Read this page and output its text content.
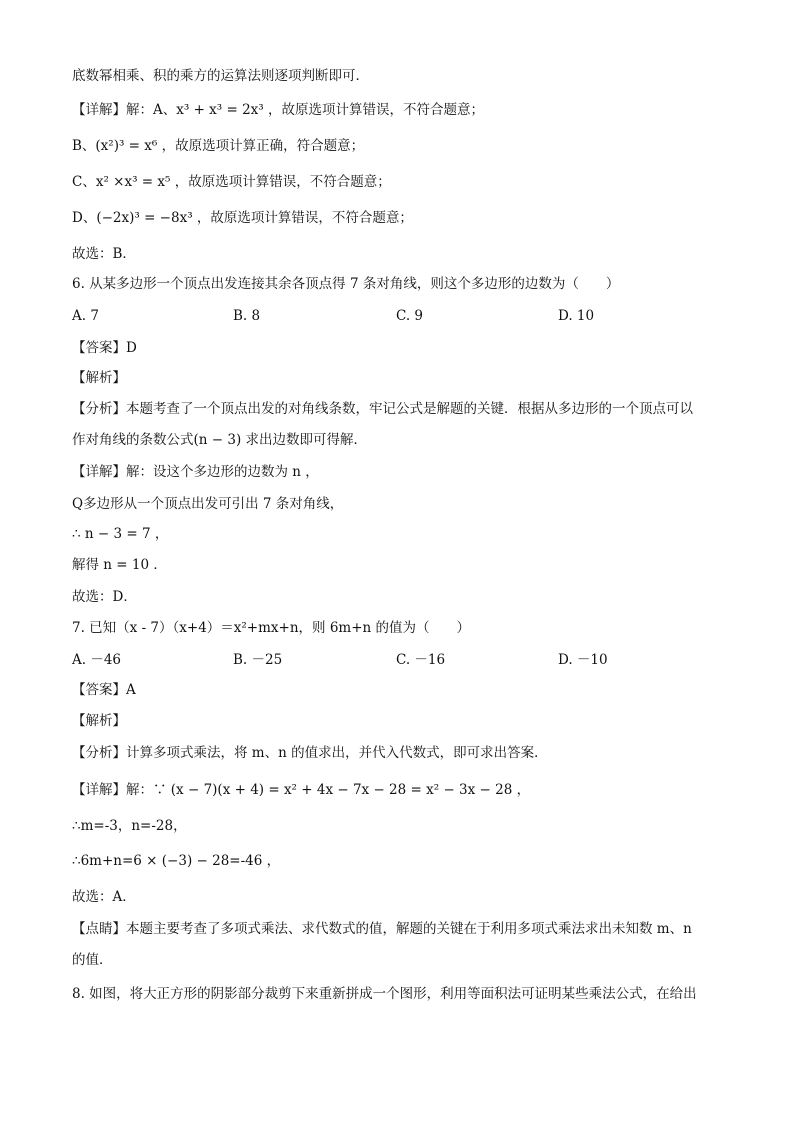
底数幂相乘、积的乘方的运算法则逐项判断即可．
【详解】解：A、x³ + x³ = 2x³ ，故原选项计算错误，不符合题意；
B、(x²)³ = x⁶ ，故原选项计算正确，符合题意；
C、x² ×x³ = x⁵ ，故原选项计算错误，不符合题意；
D、(−2x)³ = −8x³ ，故原选项计算错误，不符合题意；
故选：B．
6. 从某多边形一个顶点出发连接其余各顶点得 7 条对角线，则这个多边形的边数为（　　）
A. 7	B. 8	C. 9	D. 10
【答案】D
【解析】
【分析】本题考查了一个顶点出发的对角线条数，牢记公式是解题的关键．根据从多边形的一个顶点可以
作对角线的条数公式(n − 3) 求出边数即可得解．
【详解】解：设这个多边形的边数为 n ，
Q多边形从一个顶点出发可引出 7 条对角线，
∴ n − 3 = 7 ，
解得 n = 10 ．
故选：D．
7. 已知（x - 7）（x+4）＝x²+mx+n，则 6m+n 的值为（　　）
A. －46	B. －25	C. －16	D. －10
【答案】A
【解析】
【分析】计算多项式乘法，将 m、n 的值求出，并代入代数式，即可求出答案．
【详解】解：∵ (x − 7)(x + 4) = x² + 4x − 7x − 28 = x² − 3x − 28 ，
∴m=-3，n=-28，
∴6m+n=6 × (−3) − 28=-46 ，
故选：A．
【点睛】本题主要考查了多项式乘法、求代数式的值，解题的关键在于利用多项式乘法求出未知数 m、n
的值．
8. 如图，将大正方形的阴影部分裁剪下来重新拼成一个图形，利用等面积法可证明某些乘法公式，在给出
